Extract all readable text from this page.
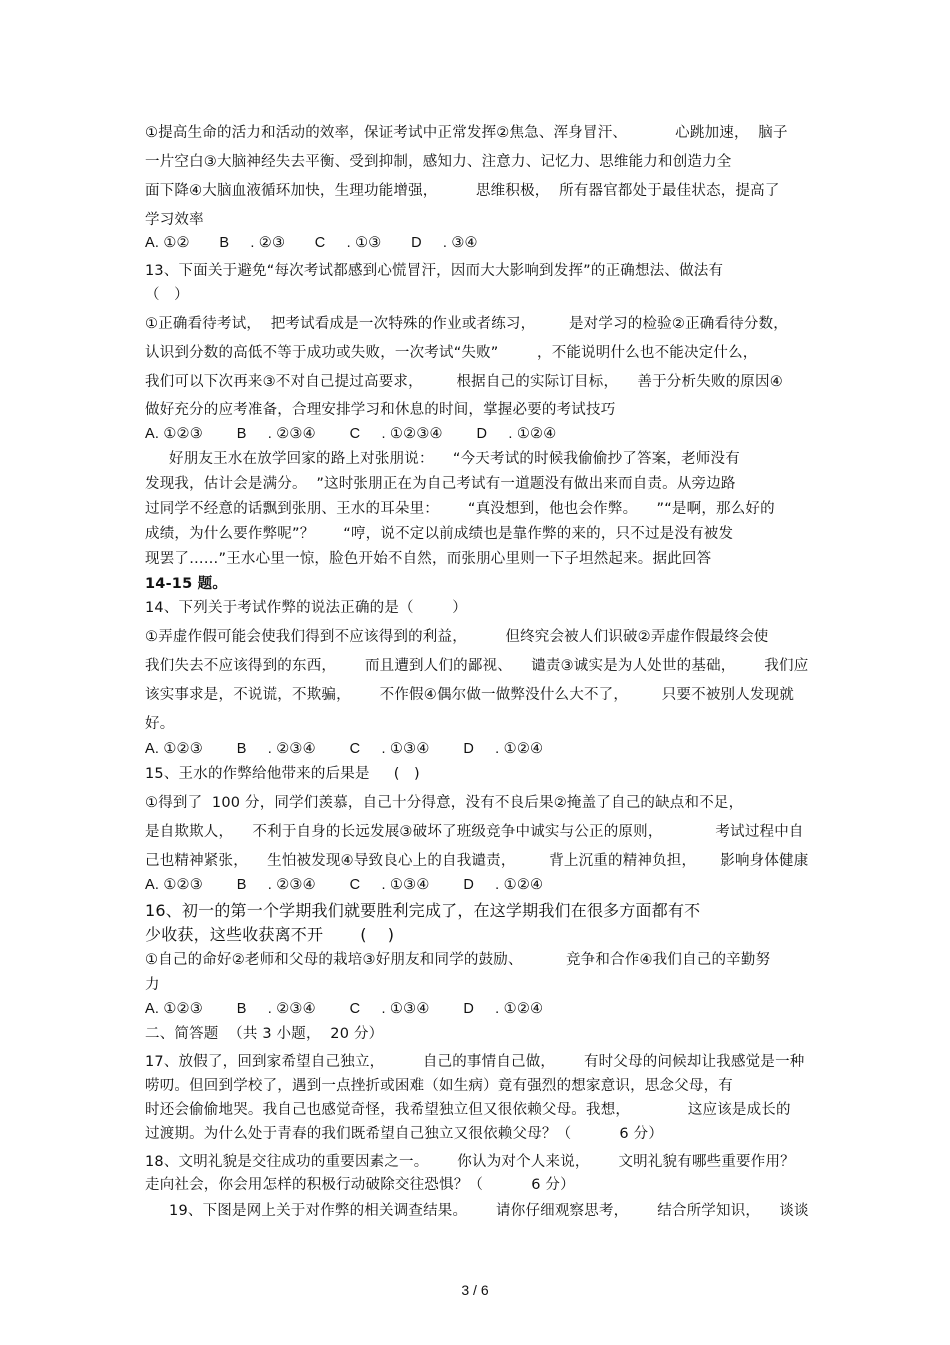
①提高生命的活力和活动的效率，保证考试中正常发挥②焦急、浑身冒汗、          心跳加速，  脑子
一片空白③大脑神经失去平衡、受到抑制，感知力、注意力、记忆力、思维能力和创造力全
面下降④大脑血液循环加快，生理功能增强，        思维积极，  所有器官都处于最佳状态，提高了
学习效率
A. ①②       B     . ②③       C     . ①③       D     . ③④
13、下面关于避免“每次考试都感到心慌冒汗，因而大大影响到发挥”的正确想法、做法有
（   ）
①正确看待考试，  把考试看成是一次特殊的作业或者练习，       是对学习的检验②正确看待分数，
认识到分数的高低不等于成功或失败，一次考试“失败”        ，不能说明什么也不能决定什么，
我们可以下次再来③不对自己提过高要求，       根据自己的实际订目标，    善于分析失败的原因④
做好充分的应考准备，合理安排学习和休息的时间，掌握必要的考试技巧
A. ①②③        B     . ②③④        C     . ①②③④        D     . ①②④
好朋友王水在放学回家的路上对张朋说：    “今天考试的时候我偷偷抄了答案，老师没有
发现我，估计会是满分。  ”这时张朋正在为自己考试有一道题没有做出来而自责。从旁边路
过同学不经意的话飘到张朋、王水的耳朵里：      “真没想到，他也会作弊。    ”“是啊，那么好的
成绩，为什么要作弊呢”？      “哼，说不定以前成绩也是靠作弊的来的，只不过是没有被发
现罢了……”王水心里一惊，脸色开始不自然，而张朋心里则一下子坦然起来。据此回答
14-15 题。
14、下列关于考试作弊的说法正确的是（        ）
①弄虚作假可能会使我们得到不应该得到的利益，        但终究会被人们识破②弄虚作假最终会使
我们失去不应该得到的东西，      而且遭到人们的鄙视、    谴责③诚实是为人处世的基础，      我们应
该实事求是，不说谎，不欺骗，      不作假④偶尔做一做弊没什么大不了，       只要不被别人发现就
好。
A. ①②③        B     . ②③④        C     . ①③④        D     . ①②④
15、王水的作弊给他带来的后果是     (   )
①得到了  100 分，同学们羡慕，自己十分得意，没有不良后果②掩盖了自己的缺点和不足，
是自欺欺人，    不利于自身的长远发展③破坏了班级竞争中诚实与公正的原则，           考试过程中自
己也精神紧张，    生怕被发现④导致良心上的自我谴责，       背上沉重的精神负担，     影响身体健康
A. ①②③        B     . ②③④        C     . ①③④        D     . ①②④
16、初一的第一个学期我们就要胜利完成了，在这学期我们在很多方面都有不
少收获，这些收获离不开       (    )
①自己的命好②老师和父母的栽培③好朋友和同学的鼓励、         竞争和合作④我们自己的辛勤努
力
A. ①②③        B     . ②③④        C     . ①③④        D     . ①②④
二、简答题  （共 3 小题，  20 分）
17、放假了，回到家希望自己独立，        自己的事情自己做，      有时父母的问候却让我感觉是一种
唠叨。但回到学校了，遇到一点挫折或困难（如生病）竟有强烈的想家意识，思念父母，有
时还会偷偷地哭。我自己也感觉奇怪，我希望独立但又很依赖父母。我想，            这应该是成长的
过渡期。为什么处于青春的我们既希望自己独立又很依赖父母？（          6 分）
18、文明礼貌是交往成功的重要因素之一。      你认为对个人来说，      文明礼貌有哪些重要作用？
走向社会，你会用怎样的积极行动破除交往恐惧？（          6 分）
19、下图是网上关于对作弊的相关调查结果。      请你仔细观察思考，      结合所学知识，    谈谈
3 / 6
